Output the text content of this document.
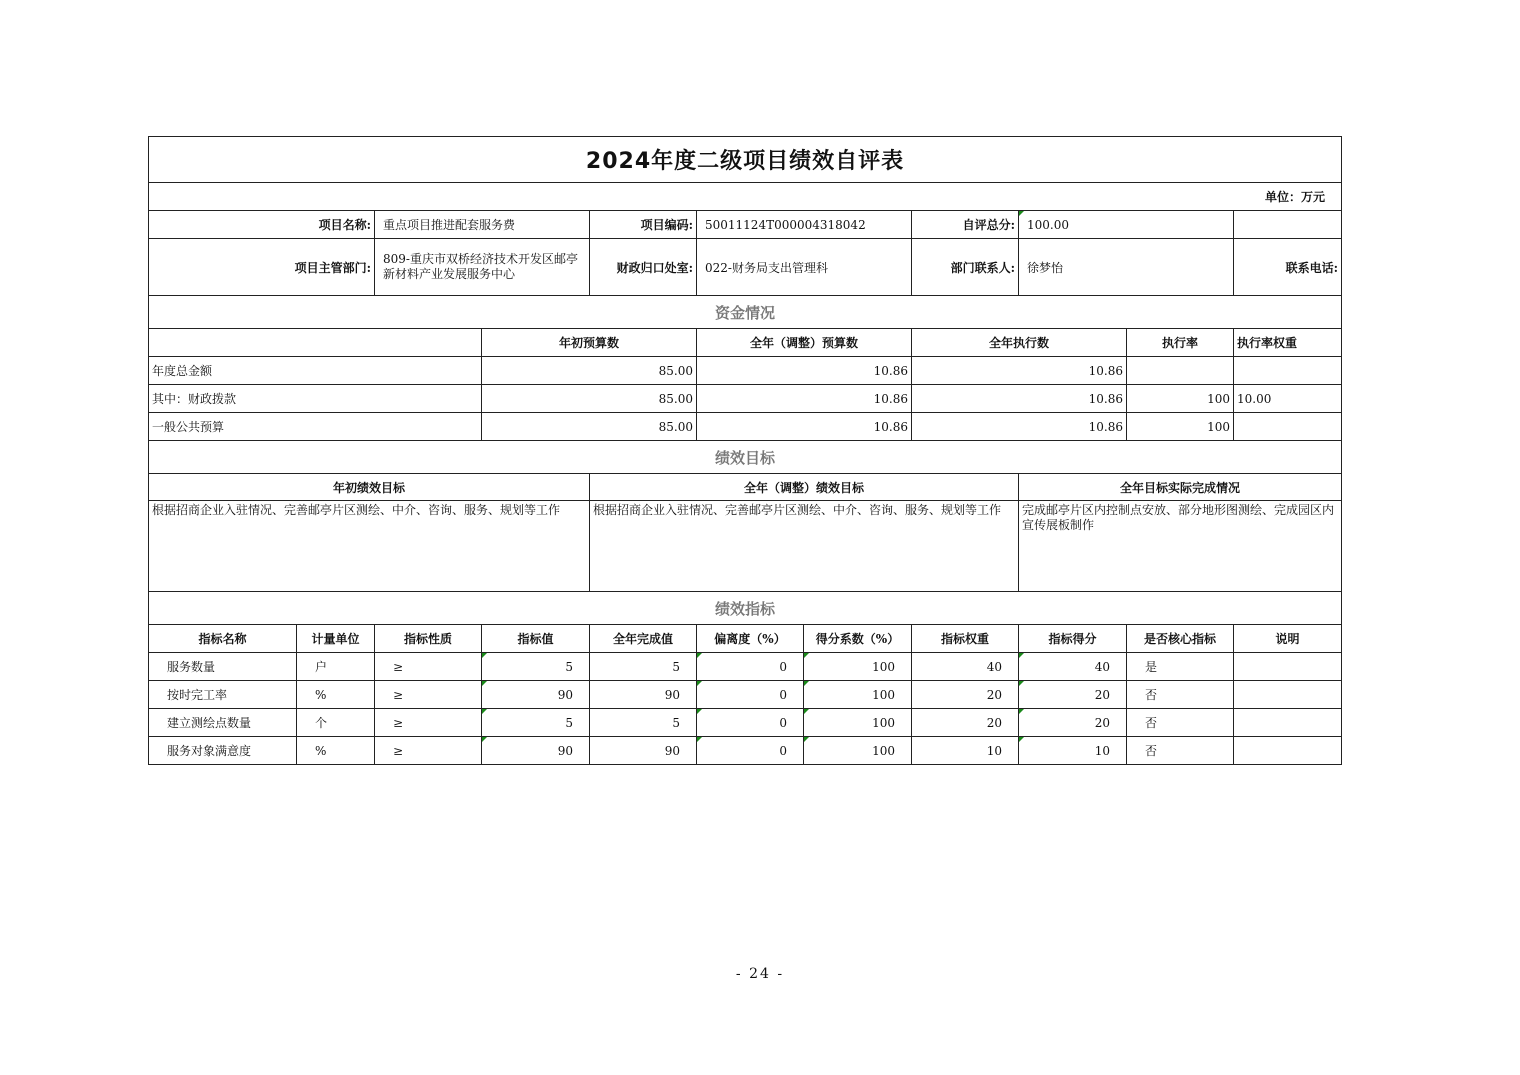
2024年度二级项目绩效自评表											
单位：万元											
项目名称:		重点项目推进配套服务费		项目编码:	50011124T000004318042		自评总分:	100.00			
项目主管部门:		809-重庆市双桥经济技术开发区邮亭新材料产业发展服务中心		财政归口处室:	022-财务局支出管理科		部门联系人:	徐梦怡		联系电话:	
资金情况											
			年初预算数		全年（调整）预算数		全年执行数		执行率	执行率权重	
年度总金额			85.00		10.86		10.86				
其中：财政拨款			85.00		10.86		10.86		100	10.00	
一般公共预算			85.00		10.86		10.86		100		
绩效目标											
年初绩效目标				全年（调整）绩效目标				全年目标实际完成情况			
根据招商企业入驻情况、完善邮亭片区测绘、中介、咨询、服务、规划等工作				根据招商企业入驻情况、完善邮亭片区测绘、中介、咨询、服务、规划等工作				完成邮亭片区内控制点安放、部分地形图测绘、完成园区内宣传展板制作			
绩效指标											
指标名称	计量单位	指标性质	指标值	全年完成值	偏离度（%）	得分系数（%）	指标权重	指标得分	是否核心指标	说明	
服务数量	户	≥	5	5	0	100	40	40	是		
按时完工率	%	≥	90	90	0	100	20	20	否		
建立测绘点数量	个	≥	5	5	0	100	20	20	否		
服务对象满意度	%	≥	90	90	0	100	10	10	否		
- 24 -
